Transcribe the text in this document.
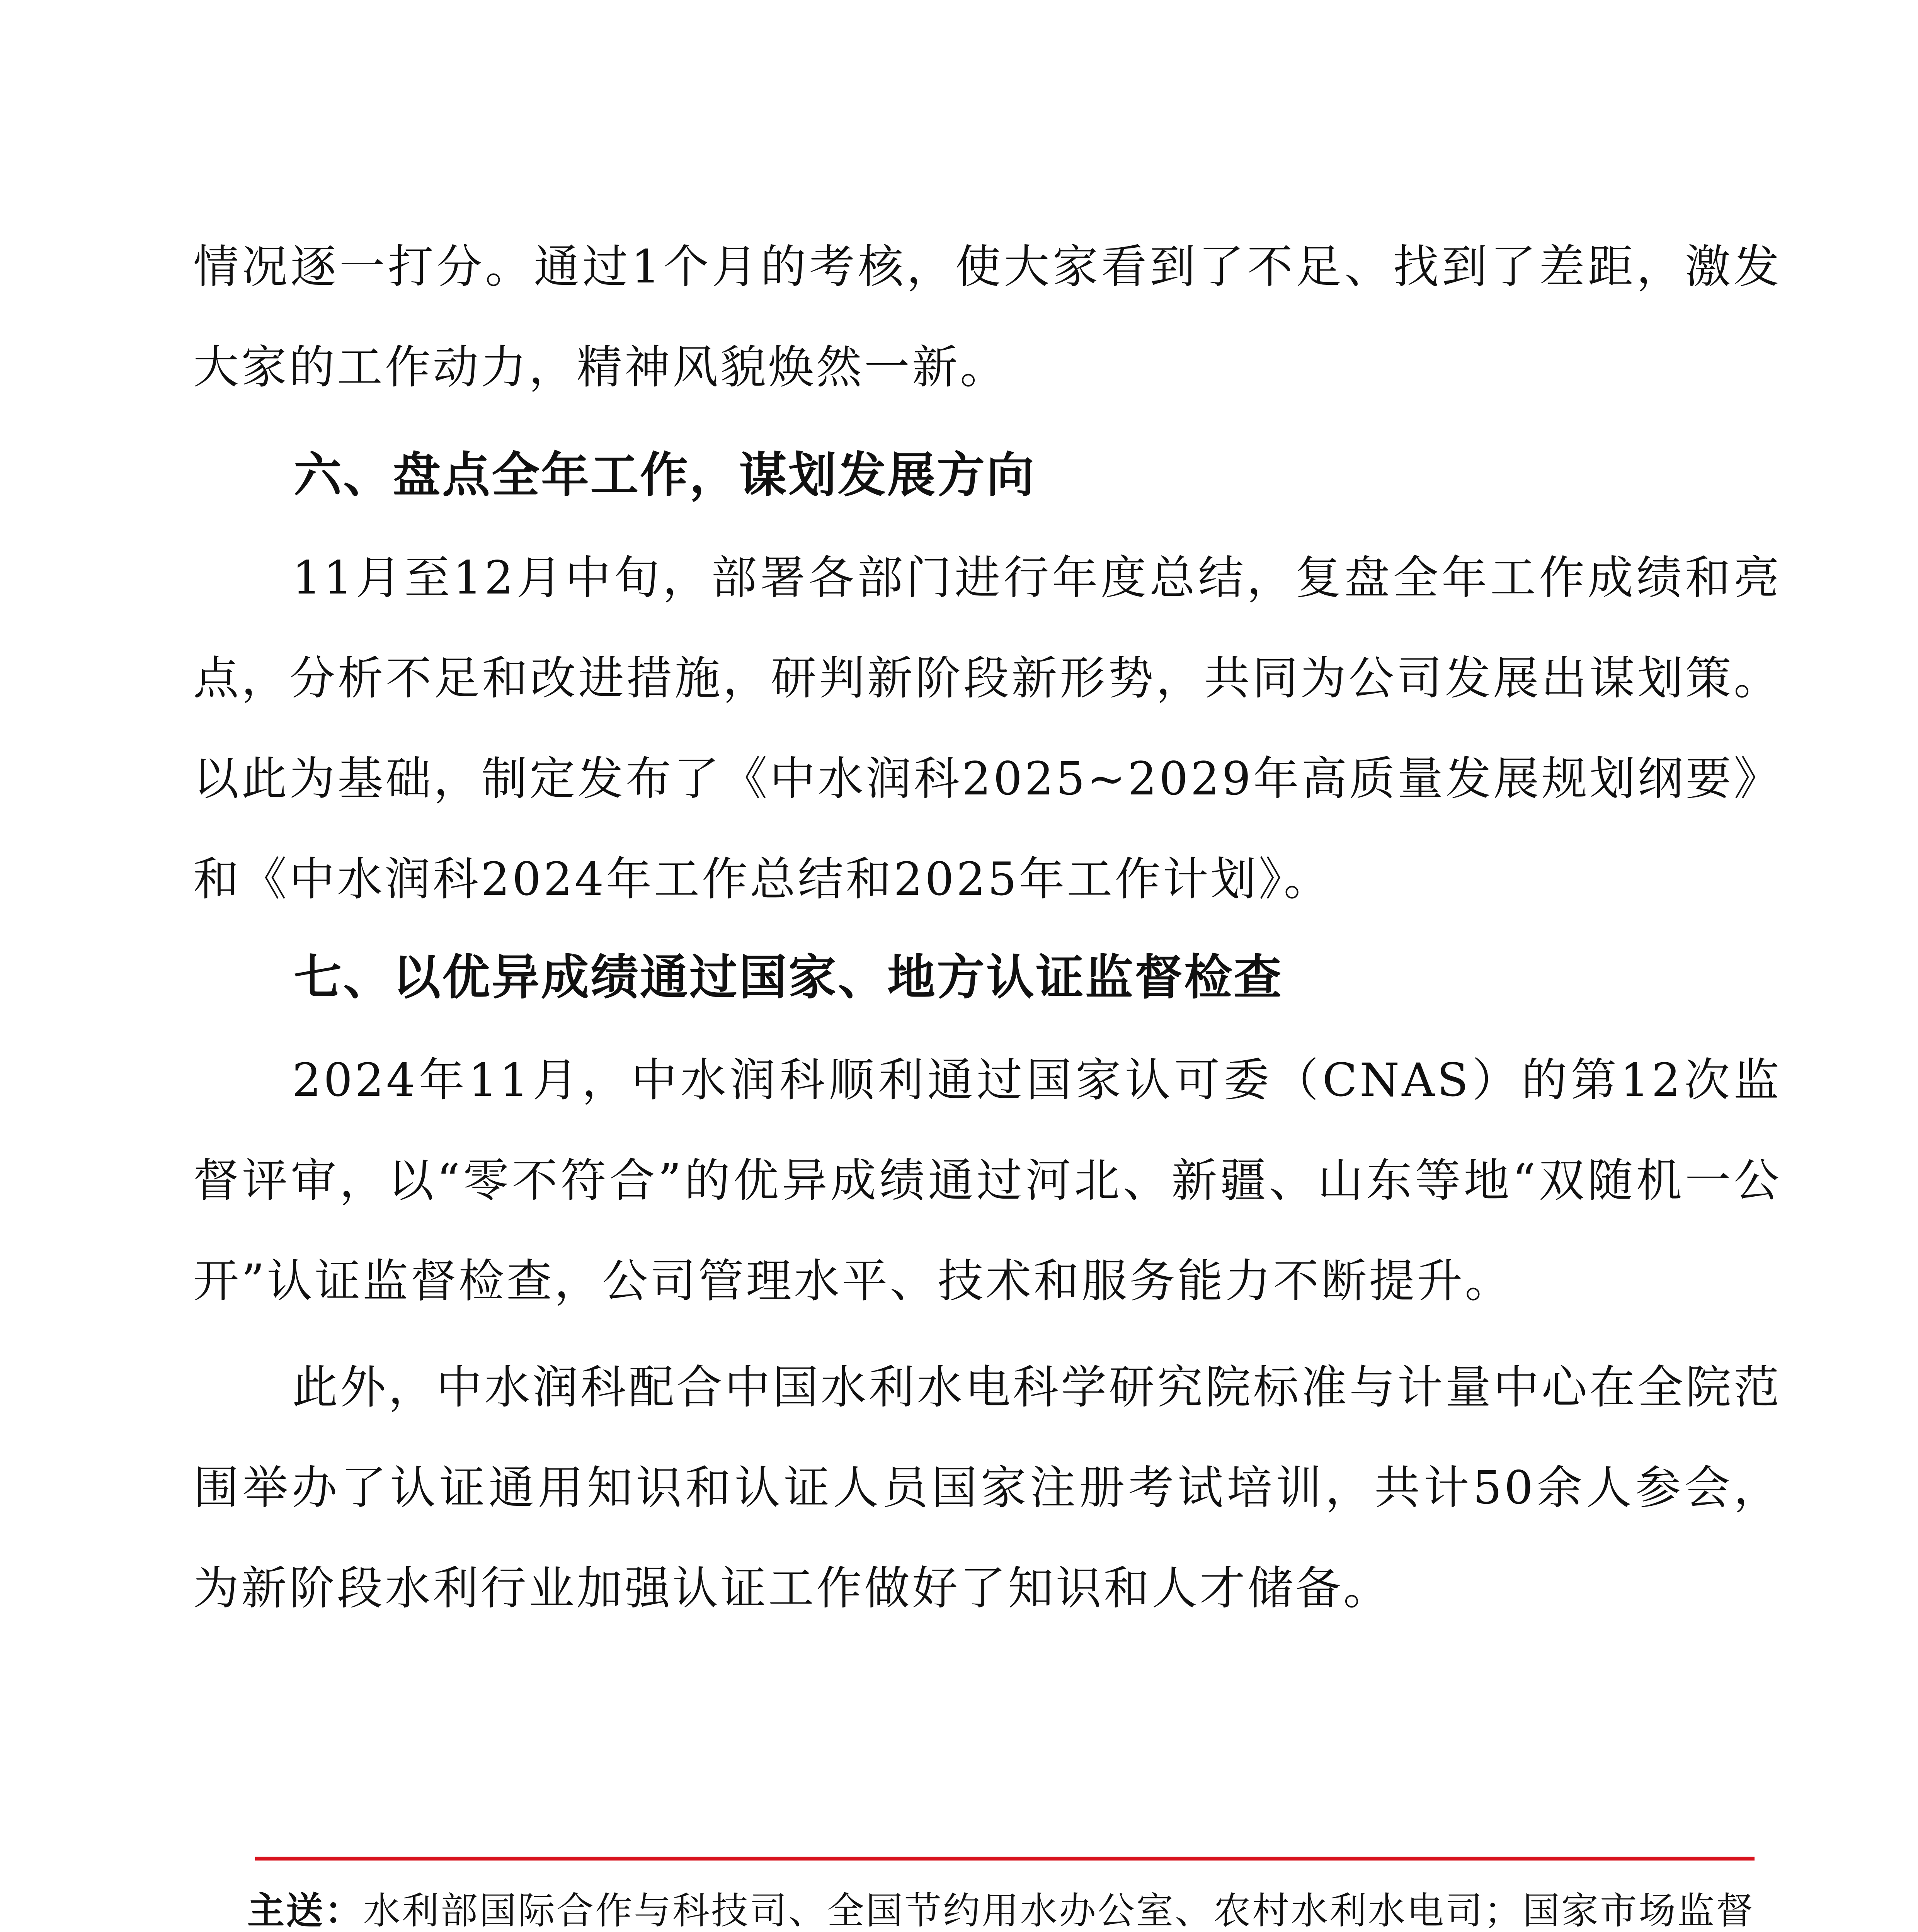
情况逐一打分。通过1个月的考核，使大家看到了不足、找到了差距，激发大家的工作动力，精神风貌焕然一新。
六、盘点全年工作，谋划发展方向
11月至12月中旬，部署各部门进行年度总结，复盘全年工作成绩和亮点，分析不足和改进措施，研判新阶段新形势，共同为公司发展出谋划策。以此为基础，制定发布了《中水润科2025~2029年高质量发展规划纲要》和《中水润科2024年工作总结和2025年工作计划》。
七、以优异成绩通过国家、地方认证监督检查
2024年11月，中水润科顺利通过国家认可委（CNAS）的第12次监督评审，以“零不符合”的优异成绩通过河北、新疆、山东等地“双随机一公开”认证监督检查，公司管理水平、技术和服务能力不断提升。
此外，中水润科配合中国水利水电科学研究院标准与计量中心在全院范围举办了认证通用知识和认证人员国家注册考试培训，共计50余人参会，为新阶段水利行业加强认证工作做好了知识和人才储备。
主送：水利部国际合作与科技司、全国节约用水办公室、农村水利水电司；国家市场监督
